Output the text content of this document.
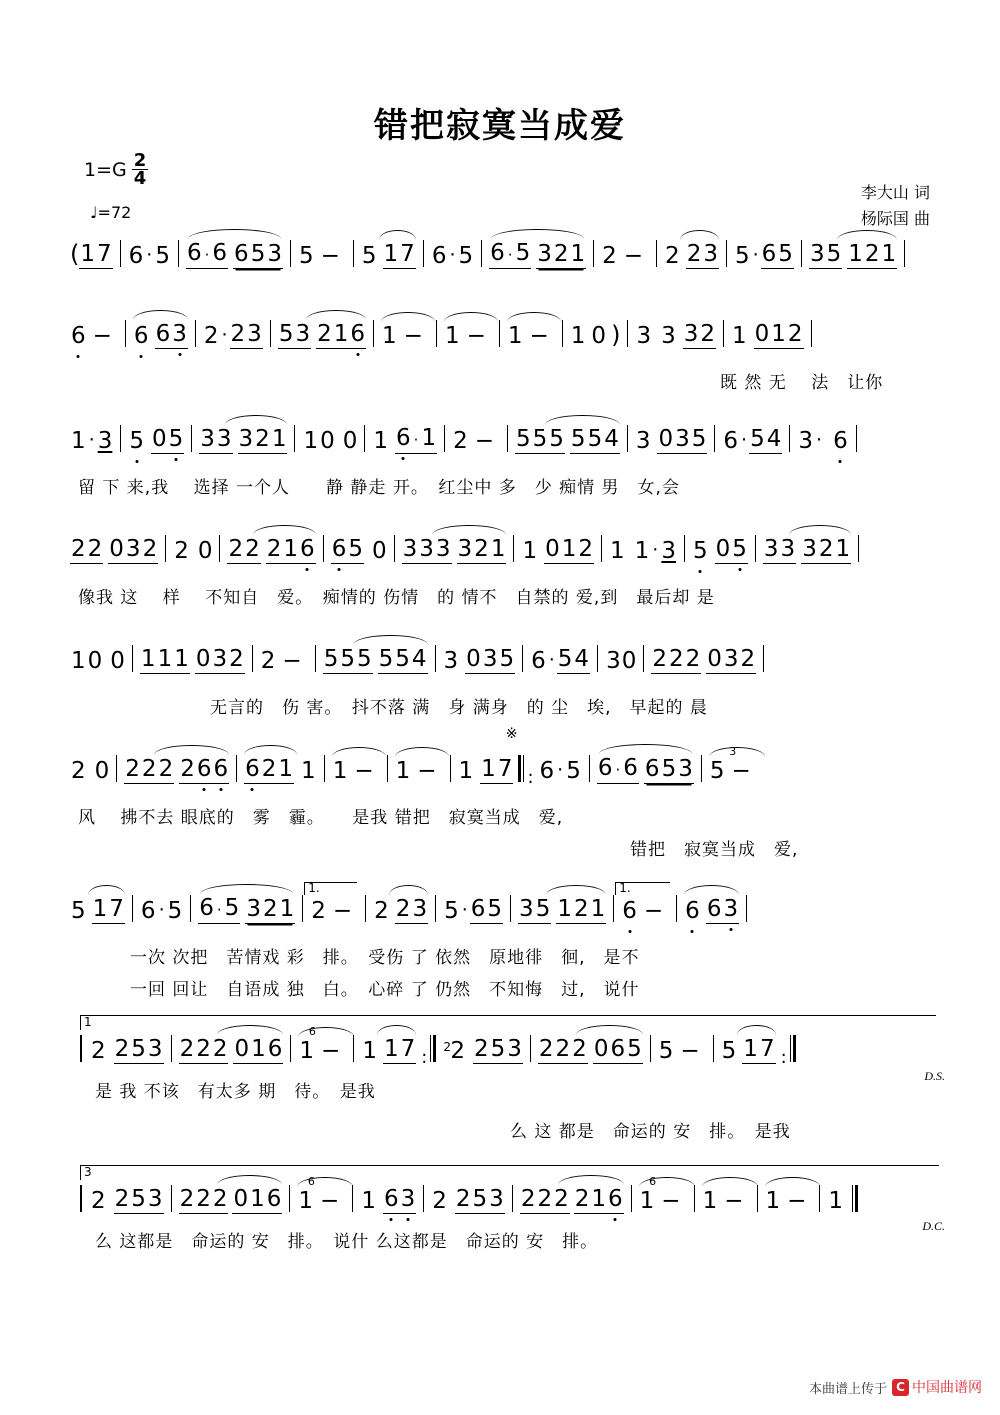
错把寂寞当成爱
$1=G \frac{2}{4}$
♩=72
李大山 词
杨际国 曲
( 17 6 · 5 6 · 6 653 5 − 5 17 6 · 5 6 · 5 321 2 − 2 23 5 · 65 35 121
6 − 6 63 2 · 23 53 216 1 − 1 − 1 − 1 0 ) 3 3 32 1 012
既 然 无　 法　让你
1 · 3 5 05 33 321 1 0 0 1 6 · 1 2 − 555 554 3 035 6 · 54 3 · 6
留 下 来,我　 选择 一个人　　静 静走 开。　红尘中 多　少 痴情 男　女,会
22 032 2 0 22 216 65 0 333 321 1 012 1 1 · 3 5 05 33 321
像我 这　 样　 不知自　爱。　痴情的 伤情　的 情不　自禁的 爱,到　最后却 是
1 0 0 111 032 2 − 555 554 3 035 6 · 54 3 0 222 032
无言的　伤 害。　抖不落 满　身 满身　的 尘　埃,　早起的 晨
2 0 222 266 621 1 1 − 1 − 1 17
※
: 6 · 5 6 · 6 653
3
5 −
风　 拂不去 眼底的　雾　霾。　　是我 错把　寂寞当成　爱,
错把　寂寞当成　爱,
5 17 6 · 5 6 · 5 321
1.
2 − 2 23 5 · 65 35 121
1.
6 − 6 63
一次 次把　苦情戏 彩　排。　受伤 了 依然　原地徘　徊,　是不
一回 回让　自语成 独　白。　心碎 了 仍然　不知悔　过,　说什
1
2 253 222 016
6
1 − 1 17 : 2 2 253 222 065 5 − 5 17 :
D.S.
是 我 不该　有太多 期　待。　是我
么 这 都是　命运的 安　排。　是我
3
2 253 222 016
6
1 − 1 63 2 253 222 216
6
1 − 1 − 1 − 1
D.C.
么 这都是　命运的 安　排。　说什 么这都是　命运的 安　排。
本曲谱上传于 C 中国曲谱网
